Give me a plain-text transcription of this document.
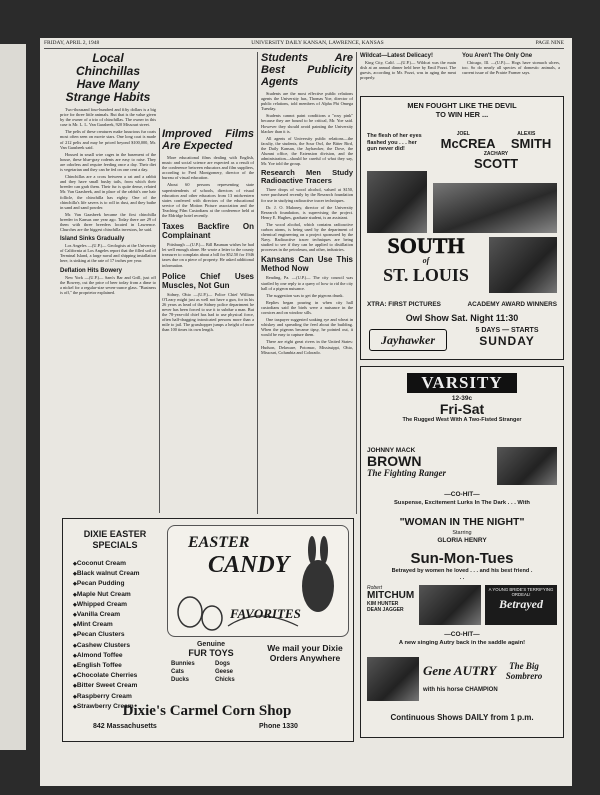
FRIDAY, APRIL 2, 1948	UNIVERSITY DAILY KANSAN, LAWRENCE, KANSAS	PAGE NINE
Local Chinchillas Have Many Strange Habits

Two-thousand four-hundred and fifty dollars is a big price for three little animals. But that is the value given by the owner of a trio of chinchillas. The owner in this case is Mr. L. L. Van Gaasbeek, 920 Missouri street.

The pelts of these creatures make luxurious fur coats most often seen on movie stars. One long coat is made of 212 pelts and may be priced beyond $100,000, Mr. Van Gaasbeek said.

Housed in small wire cages in the basement of the house, these blue-gray rodents are easy to raise. They are odorless and require feeding once a day. Their diet is vegetarian and they can be fed on one cent a day.

Chinchillas are a cross between a rat and a rabbit and they have small bushy tails, from which their breeder can grab them. Their fur is quite dense, related Mr. Van Gaasbeek, and in place of the rabbit's one hair follicle, the chinchilla has eighty. One of the chinchilla's life savers is to roll in dust, and they bathe in sand and sand powder.

Mr. Van Gaasbeek became the first chinchilla breeder in Kansas one year ago. Today there are 29 of them with three breeders located in Lawrence. Churches are the biggest chinchilla investors, he said.

Island Sinks Gradually

Los Angeles —(U.P.)— Geologists at the University of California at Los Angeles report that the filled soil of Terminal Island, a large naval and shipping installation here, is sinking at the rate of 17 inches per year.

Deflation Hits Bowery

New York —(U.P.)— Sam's Bar and Grill, just off the Bowery, cut the price of beer today from a dime to a nickel for a regular-size seven-ounce glass. "Business is off," the proprietor explained.

Improved Films Are Expected

More educational films dealing with English, music and social science are expected as a result of the conference between educators and film suppliers, according to Fred Montgomery, director of the bureau of visual education.

About 60 persons representing state superintendents of schools, directors of visual education and other educators from 13 midwestern states conferred with directors of the educational service of the Motion Picture association and the Teaching Film Custodians at the conference held at the Eldridge hotel recently.

Taxes Backfire On Complainant

Pittsburgh —(U.P.)— Bill Bauman wishes he had let well enough alone. He wrote a letter to the county treasurer to complain about a bill for $52.50 for 1946 taxes due on a piece of property. He asked additional information.

Police Chief Uses Muscles, Not Gun

Sidney, Ohio —(U.P.)— Police Chief William O'Leary might just as well not have a gun, for in his 26 years as head of the Sidney police department he never has been forced to use it to subdue a man. But the 78-year-old chief has had to use physical force, often half-dragging intoxicated persons more than a mile to jail. The grasshopper jumps a height of more than 100 times its own length.

Students Are Best Publicity Agents

Students are the most effective public relations agents the University has, Thomas Yoe, director of public relations, told members of Alpha Phi Omega Tuesday.

Students cannot paint conditions a "rosy pink" because they are bound to be critical, Mr. Yoe said. However they should avoid painting the University blacker than it is.

All agents of University public relations—the faculty, the students, the Sour Owl, the Bitter Bird, the Daily Kansan, the Jayhawker, the Dove, the Alumni office, the Extension division, and the administration—should be careful of what they say, Mr. Yoe told the group.

Research Men Study Radioactive Tracers

Three drops of wood alcohol, valued at $150, were purchased recently by the Research foundation for use in studying radioactive tracer techniques.

Dr. J. O. Maloney, director of the University Research foundation, is supervising the project. Henry E. Hughes, graduate student, is an assistant.

The wood alcohol, which contains radioactive carbon atoms, is being used by the department of chemical engineering on a project sponsored by the Navy. Radioactive tracer techniques are being studied to see if they can be applied to distillation processes in the petroleum, and other, industries.

Kansans Can Use This Method Now

Reading, Pa. —(U.P.)— The city council was startled by one reply to a query of how to rid the city hall of a pigeon nuisance.

The suggestion was to get the pigeons drunk.

Replies began pouring in when city hall custodians said the birds were a nuisance in the cornices and on window sills.

One taxpayer suggested soaking rye and wheat in whiskey and spreading the feed about the building. When the pigeons became tipsy, he pointed out, it would be easy to capture them.

There are eight great rivers in the United States: Hudson, Delaware, Potomac, Mississippi, Ohio, Missouri, Columbia and Colorado.

Wildcat—Latest Delicacy!

King City, Calif. —(U.P.)— Wildcat was the main dish at an annual dinner held here by Emil Pozzi. The guests, according to Mr. Pozzi, was in aging the meat properly.

You Aren't The Only One

Chicago, Ill. —(U.P.)— Hogs have stomach ulcers, too. So do nearly all species of domestic animals, a current issue of the Prairie Farmer says.

MEN FOUGHT LIKE THE DEVIL
TO WIN HER ...
The flesh of her eyes flashed you . . . her gun never did!
JOEL	ALEXIS
McCREA SMITH
ZACHARY
SCOTT
SOUTH
of
ST. LOUIS
XTRA: FIRST PICTURES	ACADEMY AWARD WINNERS
Owl Show Sat. Night 11:30
Jayhawker
5 DAYS — STARTS
SUNDAY
VARSITY
12-39c
Fri-Sat
The Rugged West With A Two-Fisted Stranger
JOHNNY MACK
BROWN
The Fighting Ranger
—CO-HIT—
Suspense, Excitement Lurks In The Dark . . . With
"WOMAN IN THE NIGHT"
Starring
GLORIA HENRY
Sun-Mon-Tues
Betrayed by women he loved . . . and his best friend . . .
Robert
MITCHUM
KIM HUNTER
DEAN JAGGER
A YOUNG BRIDE'S TERRIFYING ORDEAL!
Betrayed
—CO-HIT—
A new singing Autry back in the saddle again!
Gene AUTRY	The Big Sombrero
with his horse CHAMPION
Continuous Shows DAILY from 1 p.m.
DIXIE EASTER SPECIALS
◆ Coconut Cream
◆ Black walnut Cream
◆ Pecan Pudding
◆ Maple Nut Cream
◆ Whipped Cream
◆ Vanilla Cream
◆ Mint Cream
◆ Pecan Clusters
◆ Cashew Clusters
◆ Almond Toffee
◆ English Toffee
◆ Chocolate Cherries
◆ Bitter Sweet Cream
◆ Raspberry Cream
◆ Strawberry Cream
EASTER
CANDY
FAVORITES
Genuine
FUR TOYS
Bunnies	Dogs
Cats	Geese
Ducks	Chicks
We mail your Dixie Orders Anywhere
Dixie's Carmel Corn Shop
842 Massachusetts	Phone 1330
